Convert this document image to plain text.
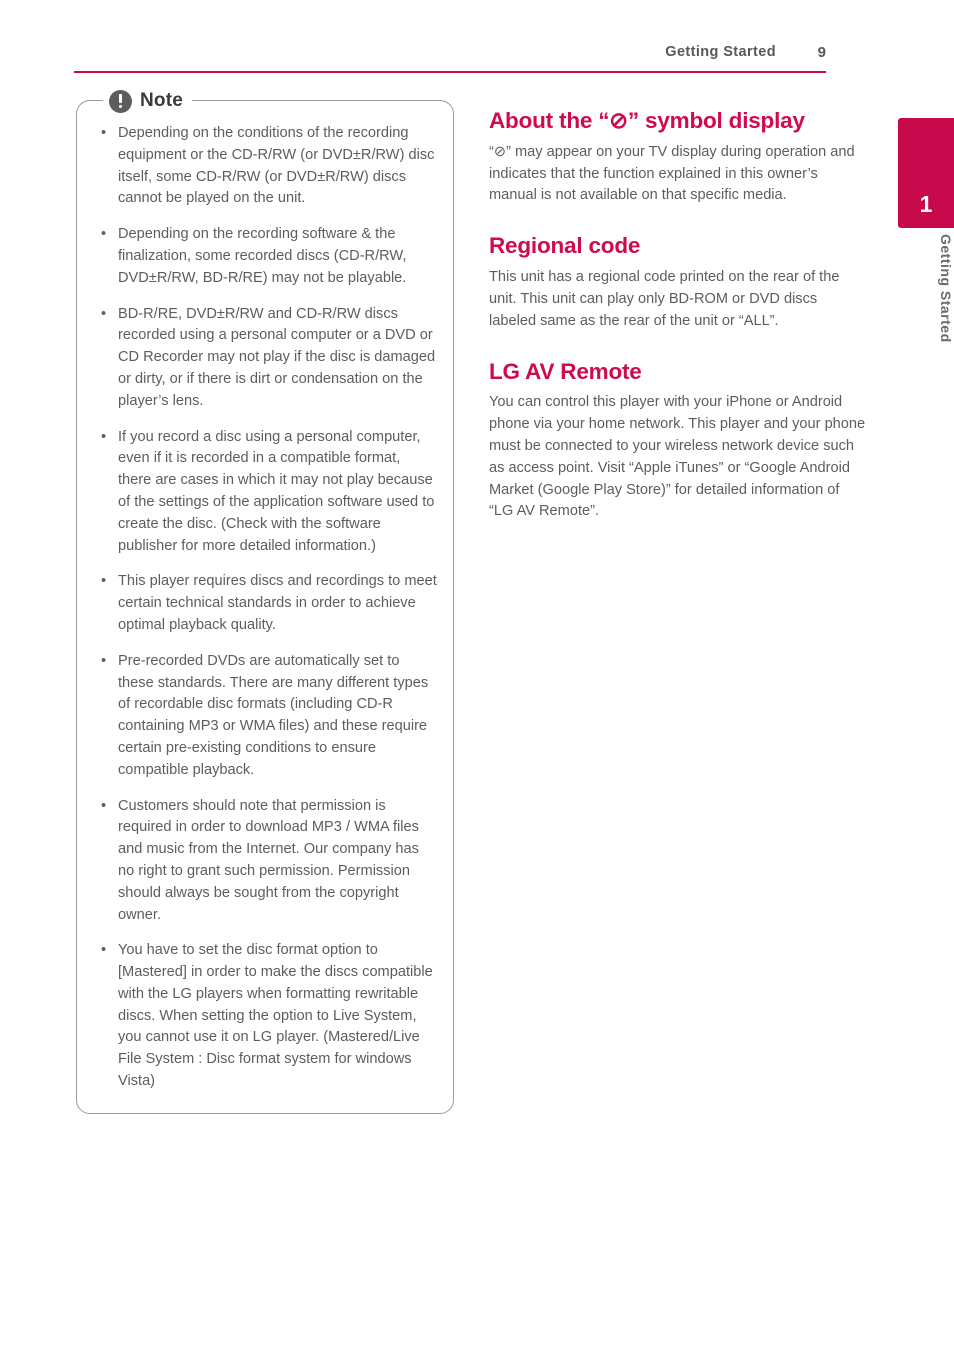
Getting Started	9
1
Getting Started
Note
• Depending on the conditions of the recording equipment or the CD-R/RW (or DVD±R/RW) disc itself, some CD-R/RW (or DVD±R/RW) discs cannot be played on the unit.
• Depending on the recording software & the finalization, some recorded discs (CD-R/RW, DVD±R/RW, BD-R/RE) may not be playable.
• BD-R/RE, DVD±R/RW and CD-R/RW discs recorded using a personal computer or a DVD or CD Recorder may not play if the disc is damaged or dirty, or if there is dirt or condensation on the player’s lens.
• If you record a disc using a personal computer, even if it is recorded in a compatible format, there are cases in which it may not play because of the settings of the application software used to create the disc. (Check with the software publisher for more detailed information.)
• This player requires discs and recordings to meet certain technical standards in order to achieve optimal playback quality.
• Pre-recorded DVDs are automatically set to these standards. There are many different types of recordable disc formats (including CD-R containing MP3 or WMA files) and these require certain pre-existing conditions to ensure compatible playback.
• Customers should note that permission is required in order to download MP3 / WMA files and music from the Internet. Our company has no right to grant such permission. Permission should always be sought from the copyright owner.
• You have to set the disc format option to [Mastered] in order to make the discs compatible with the LG players when formatting rewritable discs. When setting the option to Live System, you cannot use it on LG player. (Mastered/Live File System : Disc format system for windows Vista)
About the “⊘” symbol display

“⊘” may appear on your TV display during operation and indicates that the function explained in this owner’s manual is not available on that specific media.

Regional code

This unit has a regional code printed on the rear of the unit. This unit can play only BD-ROM or DVD discs labeled same as the rear of the unit or “ALL”.

LG AV Remote

You can control this player with your iPhone or Android phone via your home network. This player and your phone must be connected to your wireless network device such as access point. Visit “Apple iTunes” or “Google Android Market (Google Play Store)” for detailed information of “LG AV Remote”.
